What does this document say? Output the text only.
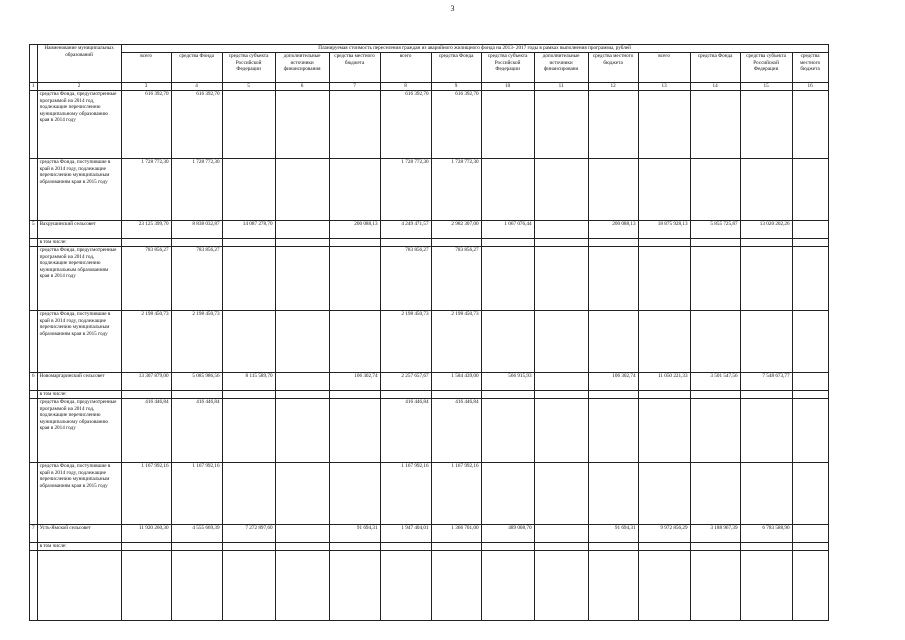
3
	Наименование муниципальных образований	Планируемая стоимость переселения граждан из аварийного жилищного фонда на 2013- 2017 годы в рамках выполнения программы, рублей													
		всего	средства Фонда	средства субъекта Российской Федерации	дополнительные источники финансирования	средства местного бюджета	всего	средства Фонда	средства субъекта Российской Федерации	дополнительные источники финансировани	средства местного бюджета	всего	средства Фонда	средства субъекта Российской Федерации	средства местного бюджета
1	2	3	4	5	6	7	8	9	10	11	12	13	14	15	16
	средства Фонда, предусмотренные программой на 2014 год, подлежащие перечислению муниципальному образованию края в 2014 году	616 392,70	616 392,70				616 392,70	616 392,70							
	средства Фонда, поступившие в край в 2014 году, подлежащие перечислению муниципальным образованиям края в 2015 году	1 728 772,30	1 728 772,30				1 728 772,30	1 728 772,30							
5	Вахрушинский сельсовет	23 125 399,70	8 838 032,87	14 087 278,70		200 088,13	4 249 471,57	2 982 307,00	1 067 076,44		200 088,13	18 875 928,13	5 855 725,87	13 020 202,26	
	в том числе:														
	средства Фонда, предусмотренные программой на 2014 год, подлежащие перечислению муниципальным образованиям края в 2014 году	783 856,27	783 856,27				783 856,27	783 856,27							
	средства Фонда, поступившие в край в 2014 году, подлежащие перечислению муниципальным образованиям края в 2015 году	2 198 450,73	2 198 450,73				2 198 450,73	2 198 450,73							
6	Новомаргаринский сельсовет	13 307 879,00	5 085 986,56	8 115 589,70		106 302,74	2 257 657,67	1 584 439,00	566 915,93		106 302,74	11 050 221,33	3 501 547,56	7 548 673,77	
	в том числе:														
	средства Фонда, предусмотренные программой на 2014 год, подлежащие перечислению муниципальному образованию края в 2014 году	416 446,84	416 446,84				416 446,84	416 446,84							
	средства Фонда, поступившие в край в 2014 году, подлежащие перечислению муниципальным образованиям края в 2015 году	1 167 992,16	1 167 992,16				1 167 992,16	1 167 992,16							
7	Усть-Ямской сельсовет	11 920 260,30	4 555 669,39	7 272 897,60		91 694,31	1 947 404,01	1 366 701,00	489 008,70		91 694,31	9 972 856,29	3 188 967,39	6 783 588,90	
	в том числе:														
